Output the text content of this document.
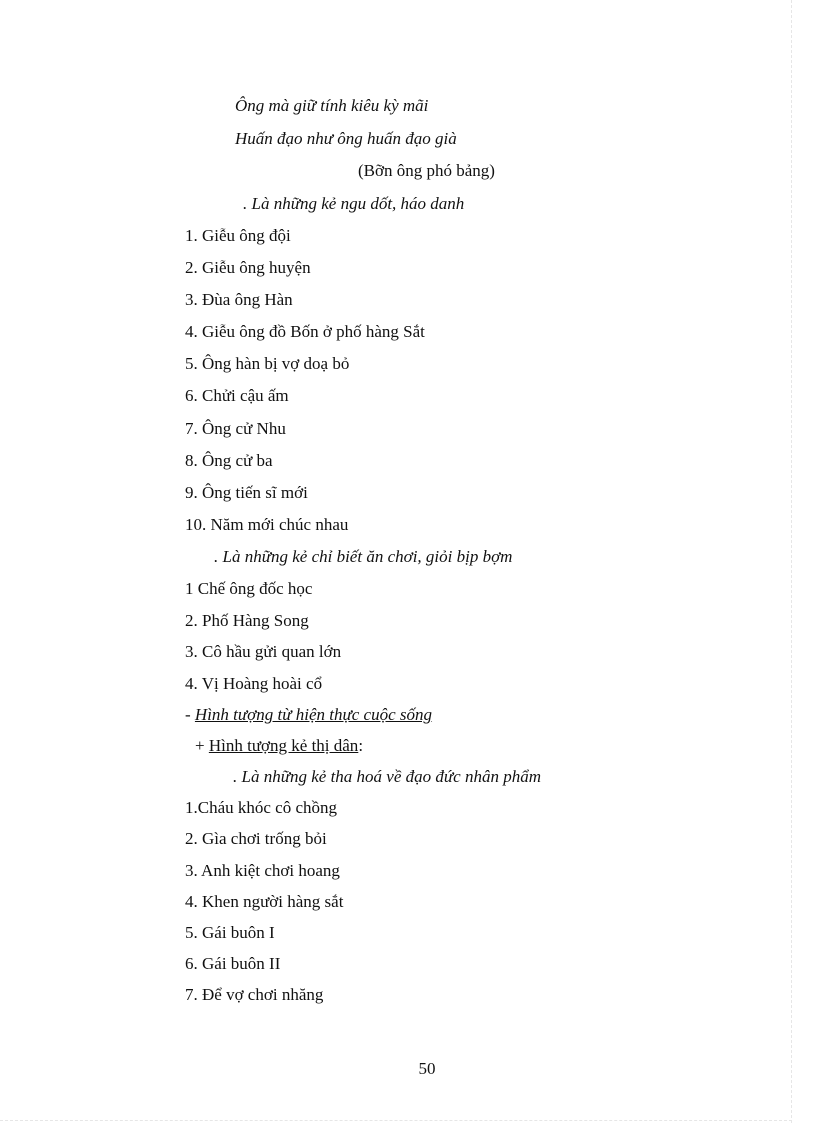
Ông mà giữ tính kiêu kỳ mãi
Huấn đạo như ông huấn đạo già
(Bỡn ông phó bảng)
. Là những kẻ ngu dốt, háo danh
1. Giễu ông đội
2. Giễu ông huyện
3. Đùa ông Hàn
4. Giễu ông đồ Bốn ở phố hàng Sắt
5. Ông hàn bị vợ doạ bỏ
6. Chửi cậu ấm
7. Ông cử Nhu
8. Ông cử ba
9. Ông tiến sĩ mới
10. Năm mới chúc nhau
. Là những kẻ chỉ biết ăn chơi, giỏi bịp bợm
1 Chế ông đốc học
2. Phố Hàng Song
3. Cô hầu gửi quan lớn
4. Vị Hoàng hoài cổ
- Hình tượng từ hiện thực cuộc sống
+ Hình tượng kẻ thị dân:
. Là những kẻ tha hoá về đạo đức nhân phẩm
1.Cháu khóc cô chồng
2. Gìa chơi trống bỏi
3. Anh kiệt chơi hoang
4. Khen người hàng sắt
5. Gái buôn I
6. Gái buôn II
7. Để vợ chơi nhăng
50
